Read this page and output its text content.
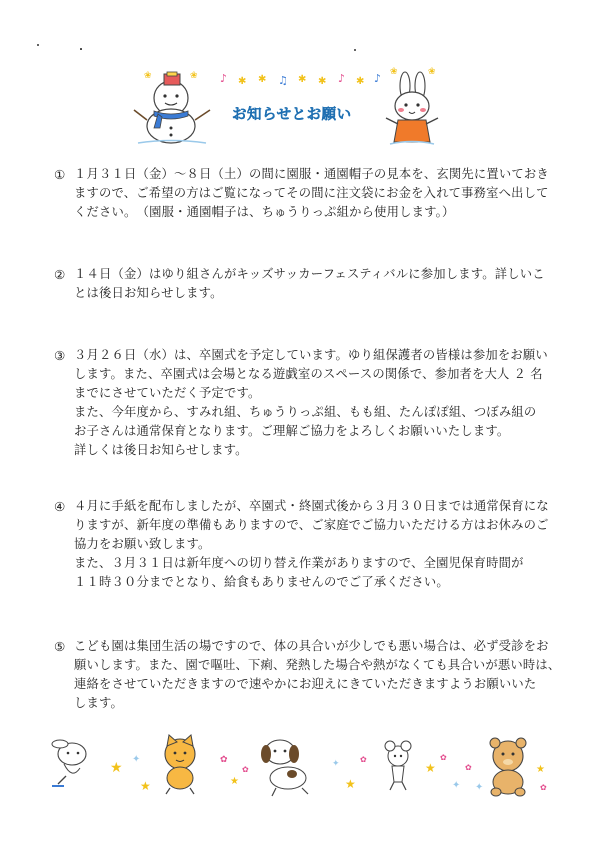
♪ ✱ ✱ ♫ ✱ ✱ ♪ ✱ ♪
❀	❀	❀	❀
お知らせとお願い
① １月３１日（金）～８日（土）の間に園服・通園帽子の見本を、玄関先に置いておき
ますので、ご希望の方はご覧になってその間に注文袋にお金を入れて事務室へ出して
ください。　（園服・通園帽子は、ちゅうりっぷ組から使用します。）
② １４日（金）はゆり組さんがキッズサッカーフェスティバルに参加します。詳しいこ
とは後日お知らせします。
③ ３月２６日（水）は、卒園式を予定しています。ゆり組保護者の皆様は参加をお願い
します。また、卒園式は会場となる遊戯室のスペースの関係で、参加者を大人 ２ 名
までにさせていただく予定です。
また、今年度から、すみれ組、ちゅうりっぷ組、もも組、たんぽぽ組、つぼみ組の
お子さんは通常保育となります。ご理解ご協力をよろしくお願いいたします。
詳しくは後日お知らせします。
④ ４月に手紙を配布しましたが、卒園式・終園式後から３月３０日までは通常保育にな
りますが、新年度の準備もありますので、ご家庭でご協力いただける方はお休みのご
協力をお願い致します。
また、３月３１日は新年度への切り替え作業がありますので、全園児保育時間が
１１時３０分までとなり、給食もありませんのでご了承ください。
⑤ こども園は集団生活の場ですので、体の具合いが少しでも悪い場合は、必ず受診をお
願いします。また、園で嘔吐、下痢、発熱した場合や熱がなくても具合いが悪い時は、
連絡をさせていただきますので速やかにお迎えにきていただきますようお願いいた
します。
★
✦
★
✿
★
✿
✦
★
✿
★
✿
✦
✿
✦
★
✿
